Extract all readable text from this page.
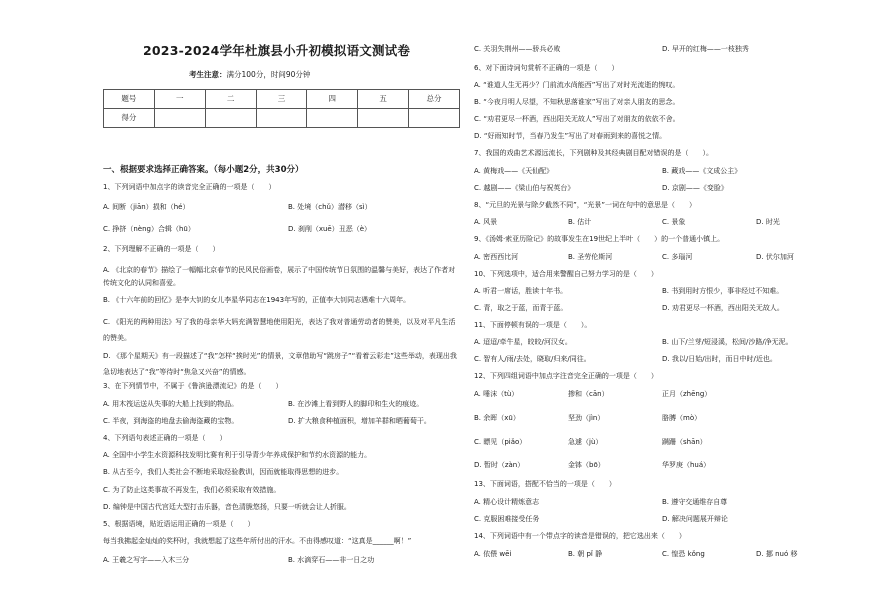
2023-2024学年杜旗县小升初模拟语文测试卷
考生注意：满分100分，时间90分钟
题号	一	二	三	四	五	总分
得分						
一、根据要求选择正确答案。（每小题2分，共30分）
1、下列词语中加点字的读音完全正确的一项是（　　）
A. 间断（jiān）损和（hé）	B. 处境（chǔ）潜移（sì）
C. 挣挤（nèng）合辑（hū）	D. 刹削（xuē）丑恶（è）
2、下列理解不正确的一项是（　　）
A. 《北京的春节》描绘了一幅幅北京春节的民风民俗画卷，展示了中国传统节日氛围的温馨与美好，表达了作者对传统文化的认同和喜爱。
B. 《十六年前的回忆》是李大钊的女儿李星华同志在1943年写的，正值李大钊同志遇难十六周年。
C. 《阳光的两种用法》写了我的母亲华大妈充满智慧地使用阳光，表达了我对普通劳动者的赞美，以及对平凡生活的赞美。
D. 《那个星期天》有一段描述了“我”怎样“挨时光”的情景，文章借助写“跳房子”“看着云彩走”这些举动，表现出我急切地表达了“我”等待时“焦急又兴奋”的情感。
3、在下列情节中，不属于《鲁滨逊漂流记》的是（　　）
A. 用木筏运送从失事的大船上找到的物品。	B. 在沙滩上看到野人的脚印和生火的痕迹。
C. 半夜，到海盗的地盘去偷海盗藏的宝物。	D. 扩大粮食种植面积，增加羊群和晒葡萄干。
4、下列语句表述正确的一项是（　　）
A. 全国中小学生水资源科技发明比赛有利于引导青少年养成保护和节约水资源的能力。
B. 从古至今，我们人类社会不断地采取经验教训，因而就能取得思想的进步。
C. 为了防止这类事故不再发生，我们必须采取有效措施。
D. 编钟是中国古代宫廷大型打击乐器，音色清脆悠扬，只要一听就会让人折服。
5、根据语境，贴近语运用正确的一项是（　　）
每当我拂起金灿灿的奖杯时，我就想起了这些年所付出的汗水。不由得感叹道：“这真是______啊！”
A. 王羲之写字——入木三分	B. 水滴穿石——非一日之功
C. 关羽失荆州——骄兵必败	D. 早开的红梅——一枝独秀
6、对下面诗词句赏析不正确的一项是（　　）
A. “谁道人生无再少？门前流水尚能西”写出了对时光流逝的惋叹。
B. “今夜月明人尽望，不知秋思落谁家”写出了对亲人朋友的思念。
C. “劝君更尽一杯酒，西出阳关无故人”写出了对朋友的依依不舍。
D. “好雨知时节，当春乃发生”写出了对春雨到来的喜悦之情。
7、我国的戏曲艺术源远流长，下列剧种及其经典剧目配对错误的是（　　）。
A. 黄梅戏——《天仙配》	B. 藏戏——《文成公主》
C. 越剧——《梁山伯与祝英台》	D. 京剧——《变脸》
8、“元旦的光景与除夕截然不同”，“光景”一词在句中的意思是（　　）
A. 风景	B. 估计	C. 景象	D. 时光
9、《汤姆·索亚历险记》的故事发生在19世纪上半叶（　　）的一个普通小镇上。
A. 密西西比河	B. 圣劳伦斯河	C. 多瑙河	D. 伏尔加河
10、下列选项中，适合用来警醒自己努力学习的是（　　）
A. 听君一席话，胜读十年书。	B. 书到用时方恨少，事非经过不知难。
C. 青，取之于蓝，而青于蓝。	D. 劝君更尽一杯酒，西出阳关无故人。
11、下面停顿有误的一项是（　　）。
A. 迢迢/牵牛星，皎皎/河汉女。	B. 山下/兰芽/短浸溪，松间/沙路/净无泥。
C. 智有人/雨/去处，晓取/归来/同往。	D. 我以/日始/出时，而日中时/近也。
12、下列四组词语中加点字注音完全正确的一项是（　　）
A. 唾沫（tù）	掺和（cān）	正月（zhēng）
B. 余晖（xū）	坚劲（jìn）	胳膊（mò）
C. 瞟见（piǎo）	急遽（jù）	蹒跚（shān）
D. 暂时（zàn）	金钵（bō）	华罗庚（huá）
13、下面词语，搭配不恰当的一项是（　　）
A. 精心设计精炼意志	B. 遵守交通维存自尊
C. 克服困难接受任务	D. 解决问题展开辩论
14、下列词语中有一个带点字的读音是错误的，把它选出来（　　）
A. 依偎 wēi	B. 朝 pǐ 静	C. 惶恐 kǒng	D. 挪 nuó 移
